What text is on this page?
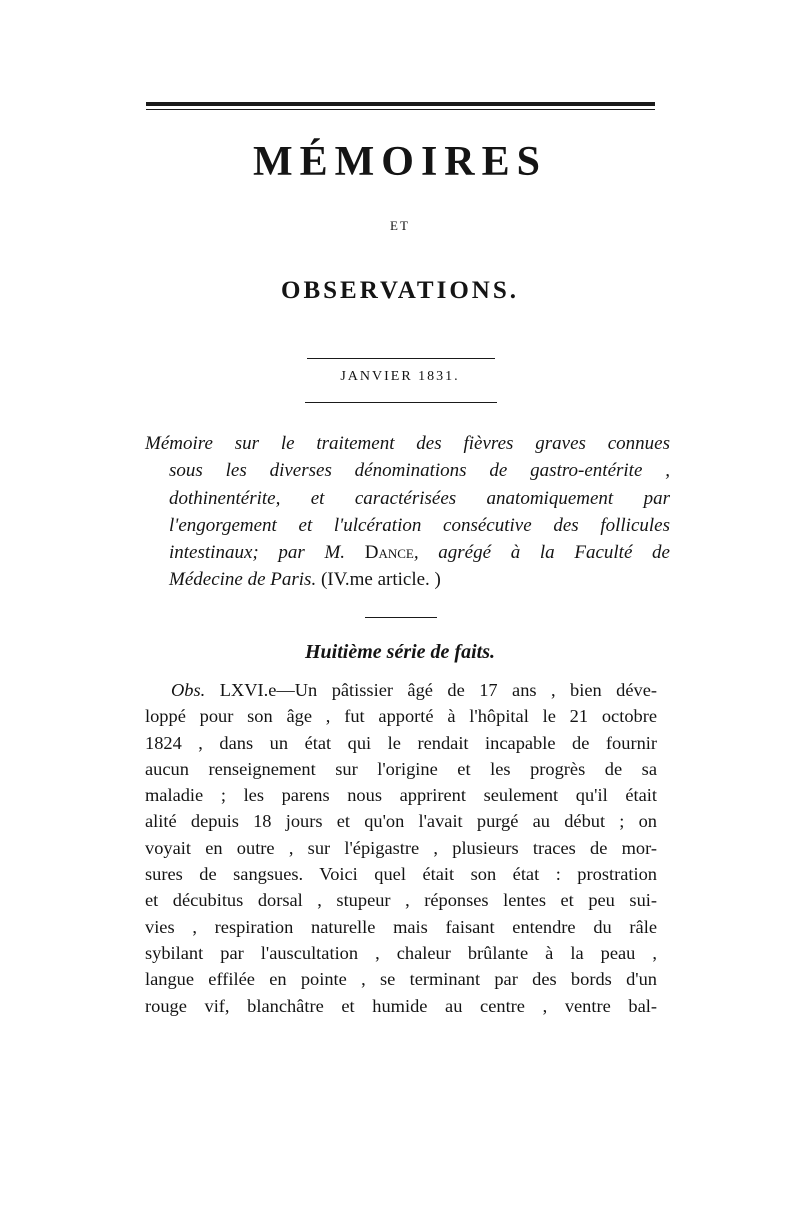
MÉMOIRES
ET
OBSERVATIONS.
JANVIER 1831.
Mémoire sur le traitement des fièvres graves connues
sous les diverses dénominations de gastro-entérite ,
dothinentérite, et caractérisées anatomiquement par
l'engorgement et l'ulcération consécutive des follicules
intestinaux; par M. Dance, agrégé à la Faculté de
Médecine de Paris. (IV.me article. )
Huitième série de faits.
Obs. LXVI.e—Un pâtissier âgé de 17 ans , bien déve-
loppé pour son âge , fut apporté à l'hôpital le 21 octobre
1824 , dans un état qui le rendait incapable de fournir
aucun renseignement sur l'origine et les progrès de sa
maladie ; les parens nous apprirent seulement qu'il était
alité depuis 18 jours et qu'on l'avait purgé au début ; on
voyait en outre , sur l'épigastre , plusieurs traces de mor-
sures de sangsues. Voici quel était son état : prostration
et décubitus dorsal , stupeur , réponses lentes et peu sui-
vies , respiration naturelle mais faisant entendre du râle
sybilant par l'auscultation , chaleur brûlante à la peau ,
langue effilée en pointe , se terminant par des bords d'un
rouge vif, blanchâtre et humide au centre , ventre bal-
